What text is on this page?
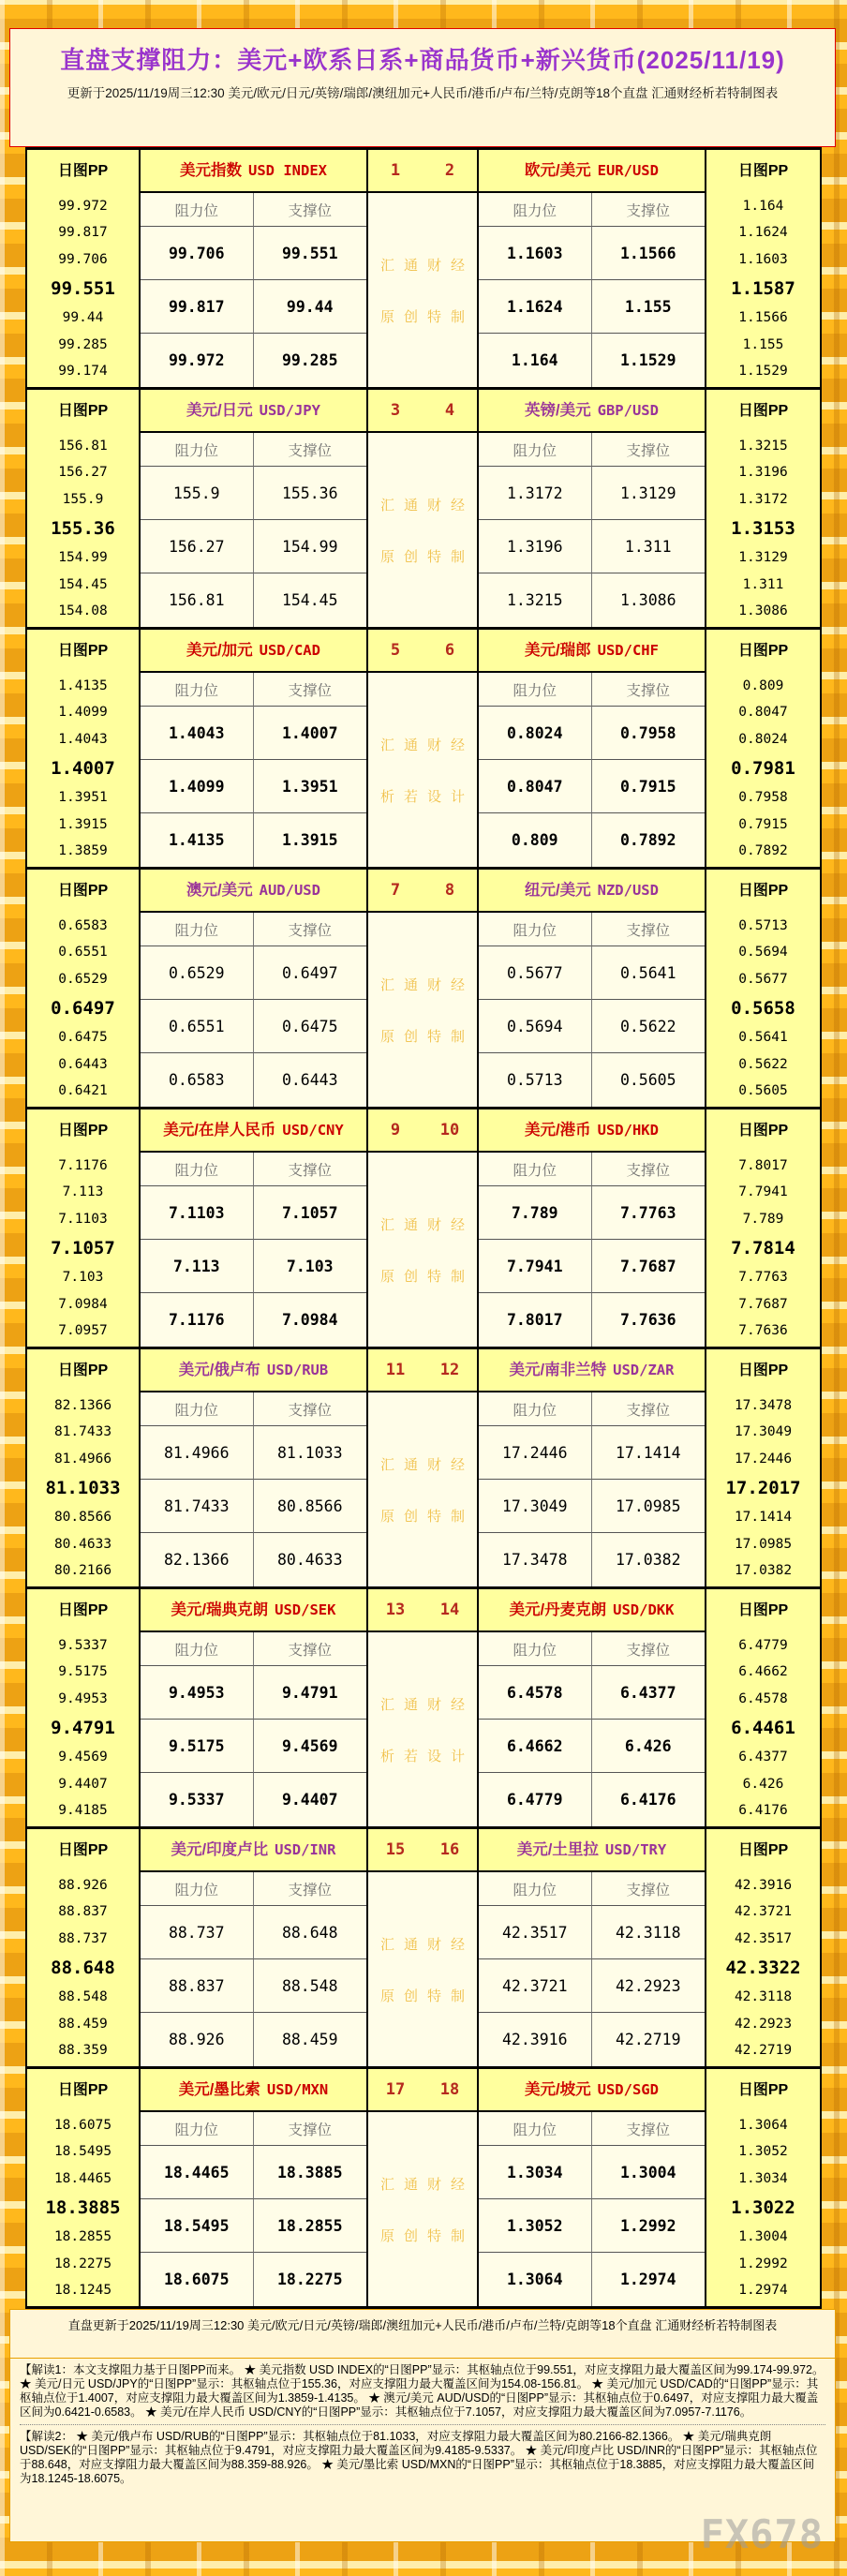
直盘支撑阻力：美元+欧系日系+商品货币+新兴货币(2025/11/19)
更新于2025/11/19周三12:30 美元/欧元/日元/英镑/瑞郎/澳纽加元+人民币/港币/卢布/兰特/克朗等18个直盘 汇通财经析若特制图表
日图PP
99.972
99.817
99.706
99.551
99.44
99.285
99.174
美元指数 USD INDEX
阻力位	支撑位
99.706	99.551
99.817	99.44
99.972	99.285
1	2
汇通财经
原创特制
欧元/美元 EUR/USD
阻力位	支撑位
1.1603	1.1566
1.1624	1.155
1.164	1.1529
日图PP
1.164
1.1624
1.1603
1.1587
1.1566
1.155
1.1529
日图PP
156.81
156.27
155.9
155.36
154.99
154.45
154.08
美元/日元 USD/JPY
阻力位	支撑位
155.9	155.36
156.27	154.99
156.81	154.45
3	4
汇通财经
原创特制
英镑/美元 GBP/USD
阻力位	支撑位
1.3172	1.3129
1.3196	1.311
1.3215	1.3086
日图PP
1.3215
1.3196
1.3172
1.3153
1.3129
1.311
1.3086
日图PP
1.4135
1.4099
1.4043
1.4007
1.3951
1.3915
1.3859
美元/加元 USD/CAD
阻力位	支撑位
1.4043	1.4007
1.4099	1.3951
1.4135	1.3915
5	6
汇通财经
析若设计
美元/瑞郎 USD/CHF
阻力位	支撑位
0.8024	0.7958
0.8047	0.7915
0.809	0.7892
日图PP
0.809
0.8047
0.8024
0.7981
0.7958
0.7915
0.7892
日图PP
0.6583
0.6551
0.6529
0.6497
0.6475
0.6443
0.6421
澳元/美元 AUD/USD
阻力位	支撑位
0.6529	0.6497
0.6551	0.6475
0.6583	0.6443
7	8
汇通财经
原创特制
纽元/美元 NZD/USD
阻力位	支撑位
0.5677	0.5641
0.5694	0.5622
0.5713	0.5605
日图PP
0.5713
0.5694
0.5677
0.5658
0.5641
0.5622
0.5605
日图PP
7.1176
7.113
7.1103
7.1057
7.103
7.0984
7.0957
美元/在岸人民币 USD/CNY
阻力位	支撑位
7.1103	7.1057
7.113	7.103
7.1176	7.0984
9	10
汇通财经
原创特制
美元/港币 USD/HKD
阻力位	支撑位
7.789	7.7763
7.7941	7.7687
7.8017	7.7636
日图PP
7.8017
7.7941
7.789
7.7814
7.7763
7.7687
7.7636
日图PP
82.1366
81.7433
81.4966
81.1033
80.8566
80.4633
80.2166
美元/俄卢布 USD/RUB
阻力位	支撑位
81.4966	81.1033
81.7433	80.8566
82.1366	80.4633
11	12
汇通财经
原创特制
美元/南非兰特 USD/ZAR
阻力位	支撑位
17.2446	17.1414
17.3049	17.0985
17.3478	17.0382
日图PP
17.3478
17.3049
17.2446
17.2017
17.1414
17.0985
17.0382
日图PP
9.5337
9.5175
9.4953
9.4791
9.4569
9.4407
9.4185
美元/瑞典克朗 USD/SEK
阻力位	支撑位
9.4953	9.4791
9.5175	9.4569
9.5337	9.4407
13	14
汇通财经
析若设计
美元/丹麦克朗 USD/DKK
阻力位	支撑位
6.4578	6.4377
6.4662	6.426
6.4779	6.4176
日图PP
6.4779
6.4662
6.4578
6.4461
6.4377
6.426
6.4176
日图PP
88.926
88.837
88.737
88.648
88.548
88.459
88.359
美元/印度卢比 USD/INR
阻力位	支撑位
88.737	88.648
88.837	88.548
88.926	88.459
15	16
汇通财经
原创特制
美元/土里拉 USD/TRY
阻力位	支撑位
42.3517	42.3118
42.3721	42.2923
42.3916	42.2719
日图PP
42.3916
42.3721
42.3517
42.3322
42.3118
42.2923
42.2719
日图PP
18.6075
18.5495
18.4465
18.3885
18.2855
18.2275
18.1245
美元/墨比索 USD/MXN
阻力位	支撑位
18.4465	18.3885
18.5495	18.2855
18.6075	18.2275
17	18
汇通财经
原创特制
美元/坡元 USD/SGD
阻力位	支撑位
1.3034	1.3004
1.3052	1.2992
1.3064	1.2974
日图PP
1.3064
1.3052
1.3034
1.3022
1.3004
1.2992
1.2974
直盘更新于2025/11/19周三12:30 美元/欧元/日元/英镑/瑞郎/澳纽加元+人民币/港币/卢布/兰特/克朗等18个直盘 汇通财经析若特制图表
【解读1：本文支撑阻力基于日图PP而来。 ★ 美元指数 USD INDEX的“日图PP”显示：其枢轴点位于99.551，对应支撑阻力最大覆盖区间为99.174-99.972。 ★ 美元/日元 USD/JPY的“日图PP”显示：其枢轴点位于155.36，对应支撑阻力最大覆盖区间为154.08-156.81。 ★ 美元/加元 USD/CAD的“日图PP”显示：其枢轴点位于1.4007，对应支撑阻力最大覆盖区间为1.3859-1.4135。 ★ 澳元/美元 AUD/USD的“日图PP”显示：其枢轴点位于0.6497，对应支撑阻力最大覆盖区间为0.6421-0.6583。 ★ 美元/在岸人民币 USD/CNY的“日图PP”显示：其枢轴点位于7.1057，对应支撑阻力最大覆盖区间为7.0957-7.1176。
【解读2： ★ 美元/俄卢布 USD/RUB的“日图PP”显示：其枢轴点位于81.1033，对应支撑阻力最大覆盖区间为80.2166-82.1366。 ★ 美元/瑞典克朗 USD/SEK的“日图PP”显示：其枢轴点位于9.4791，对应支撑阻力最大覆盖区间为9.4185-9.5337。 ★ 美元/印度卢比 USD/INR的“日图PP”显示：其枢轴点位于88.648，对应支撑阻力最大覆盖区间为88.359-88.926。 ★ 美元/墨比索 USD/MXN的“日图PP”显示：其枢轴点位于18.3885，对应支撑阻力最大覆盖区间为18.1245-18.6075。
FX678
